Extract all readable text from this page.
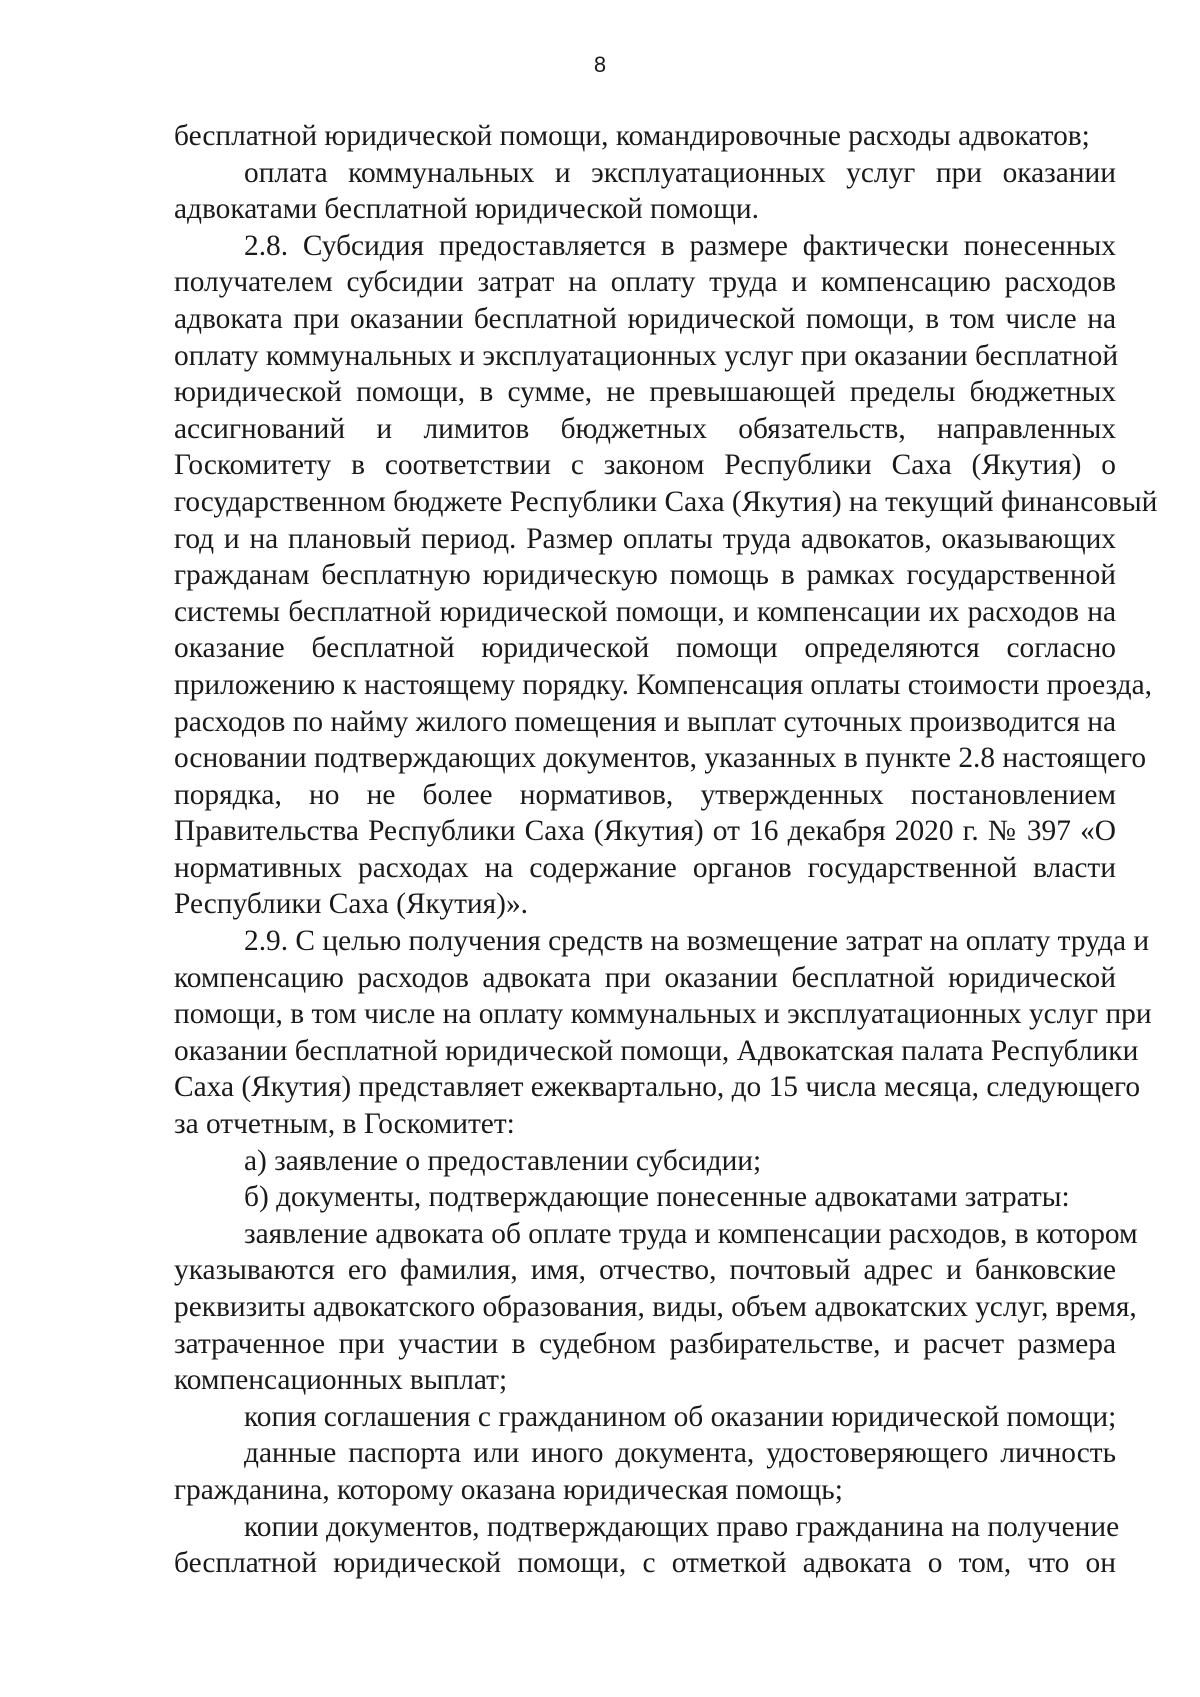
8
бесплатной юридической помощи, командировочные расходы адвокатов;
оплата коммунальных и эксплуатационных услуг при оказании
адвокатами бесплатной юридической помощи.
2.8. Субсидия предоставляется в размере фактически понесенных
получателем субсидии затрат на оплату труда и компенсацию расходов
адвоката при оказании бесплатной юридической помощи, в том числе на
оплату коммунальных и эксплуатационных услуг при оказании бесплатной
юридической помощи, в сумме, не превышающей пределы бюджетных
ассигнований и лимитов бюджетных обязательств, направленных
Госкомитету в соответствии с законом Республики Саха (Якутия) о
государственном бюджете Республики Саха (Якутия) на текущий финансовый
год и на плановый период. Размер оплаты труда адвокатов, оказывающих
гражданам бесплатную юридическую помощь в рамках государственной
системы бесплатной юридической помощи, и компенсации их расходов на
оказание бесплатной юридической помощи определяются согласно
приложению к настоящему порядку. Компенсация оплаты стоимости проезда,
расходов по найму жилого помещения и выплат суточных производится на
основании подтверждающих документов, указанных в пункте 2.8 настоящего
порядка, но не более нормативов, утвержденных постановлением
Правительства Республики Саха (Якутия) от 16 декабря 2020 г. № 397 «О
нормативных расходах на содержание органов государственной власти
Республики Саха (Якутия)».
2.9. С целью получения средств на возмещение затрат на оплату труда и
компенсацию расходов адвоката при оказании бесплатной юридической
помощи, в том числе на оплату коммунальных и эксплуатационных услуг при
оказании бесплатной юридической помощи, Адвокатская палата Республики
Саха (Якутия) представляет ежеквартально, до 15 числа месяца, следующего
за отчетным, в Госкомитет:
а) заявление о предоставлении субсидии;
б) документы, подтверждающие понесенные адвокатами затраты:
заявление адвоката об оплате труда и компенсации расходов, в котором
указываются его фамилия, имя, отчество, почтовый адрес и банковские
реквизиты адвокатского образования, виды, объем адвокатских услуг, время,
затраченное при участии в судебном разбирательстве, и расчет размера
компенсационных выплат;
копия соглашения с гражданином об оказании юридической помощи;
данные паспорта или иного документа, удостоверяющего личность
гражданина, которому оказана юридическая помощь;
копии документов, подтверждающих право гражданина на получение
бесплатной юридической помощи, с отметкой адвоката о том, что он
